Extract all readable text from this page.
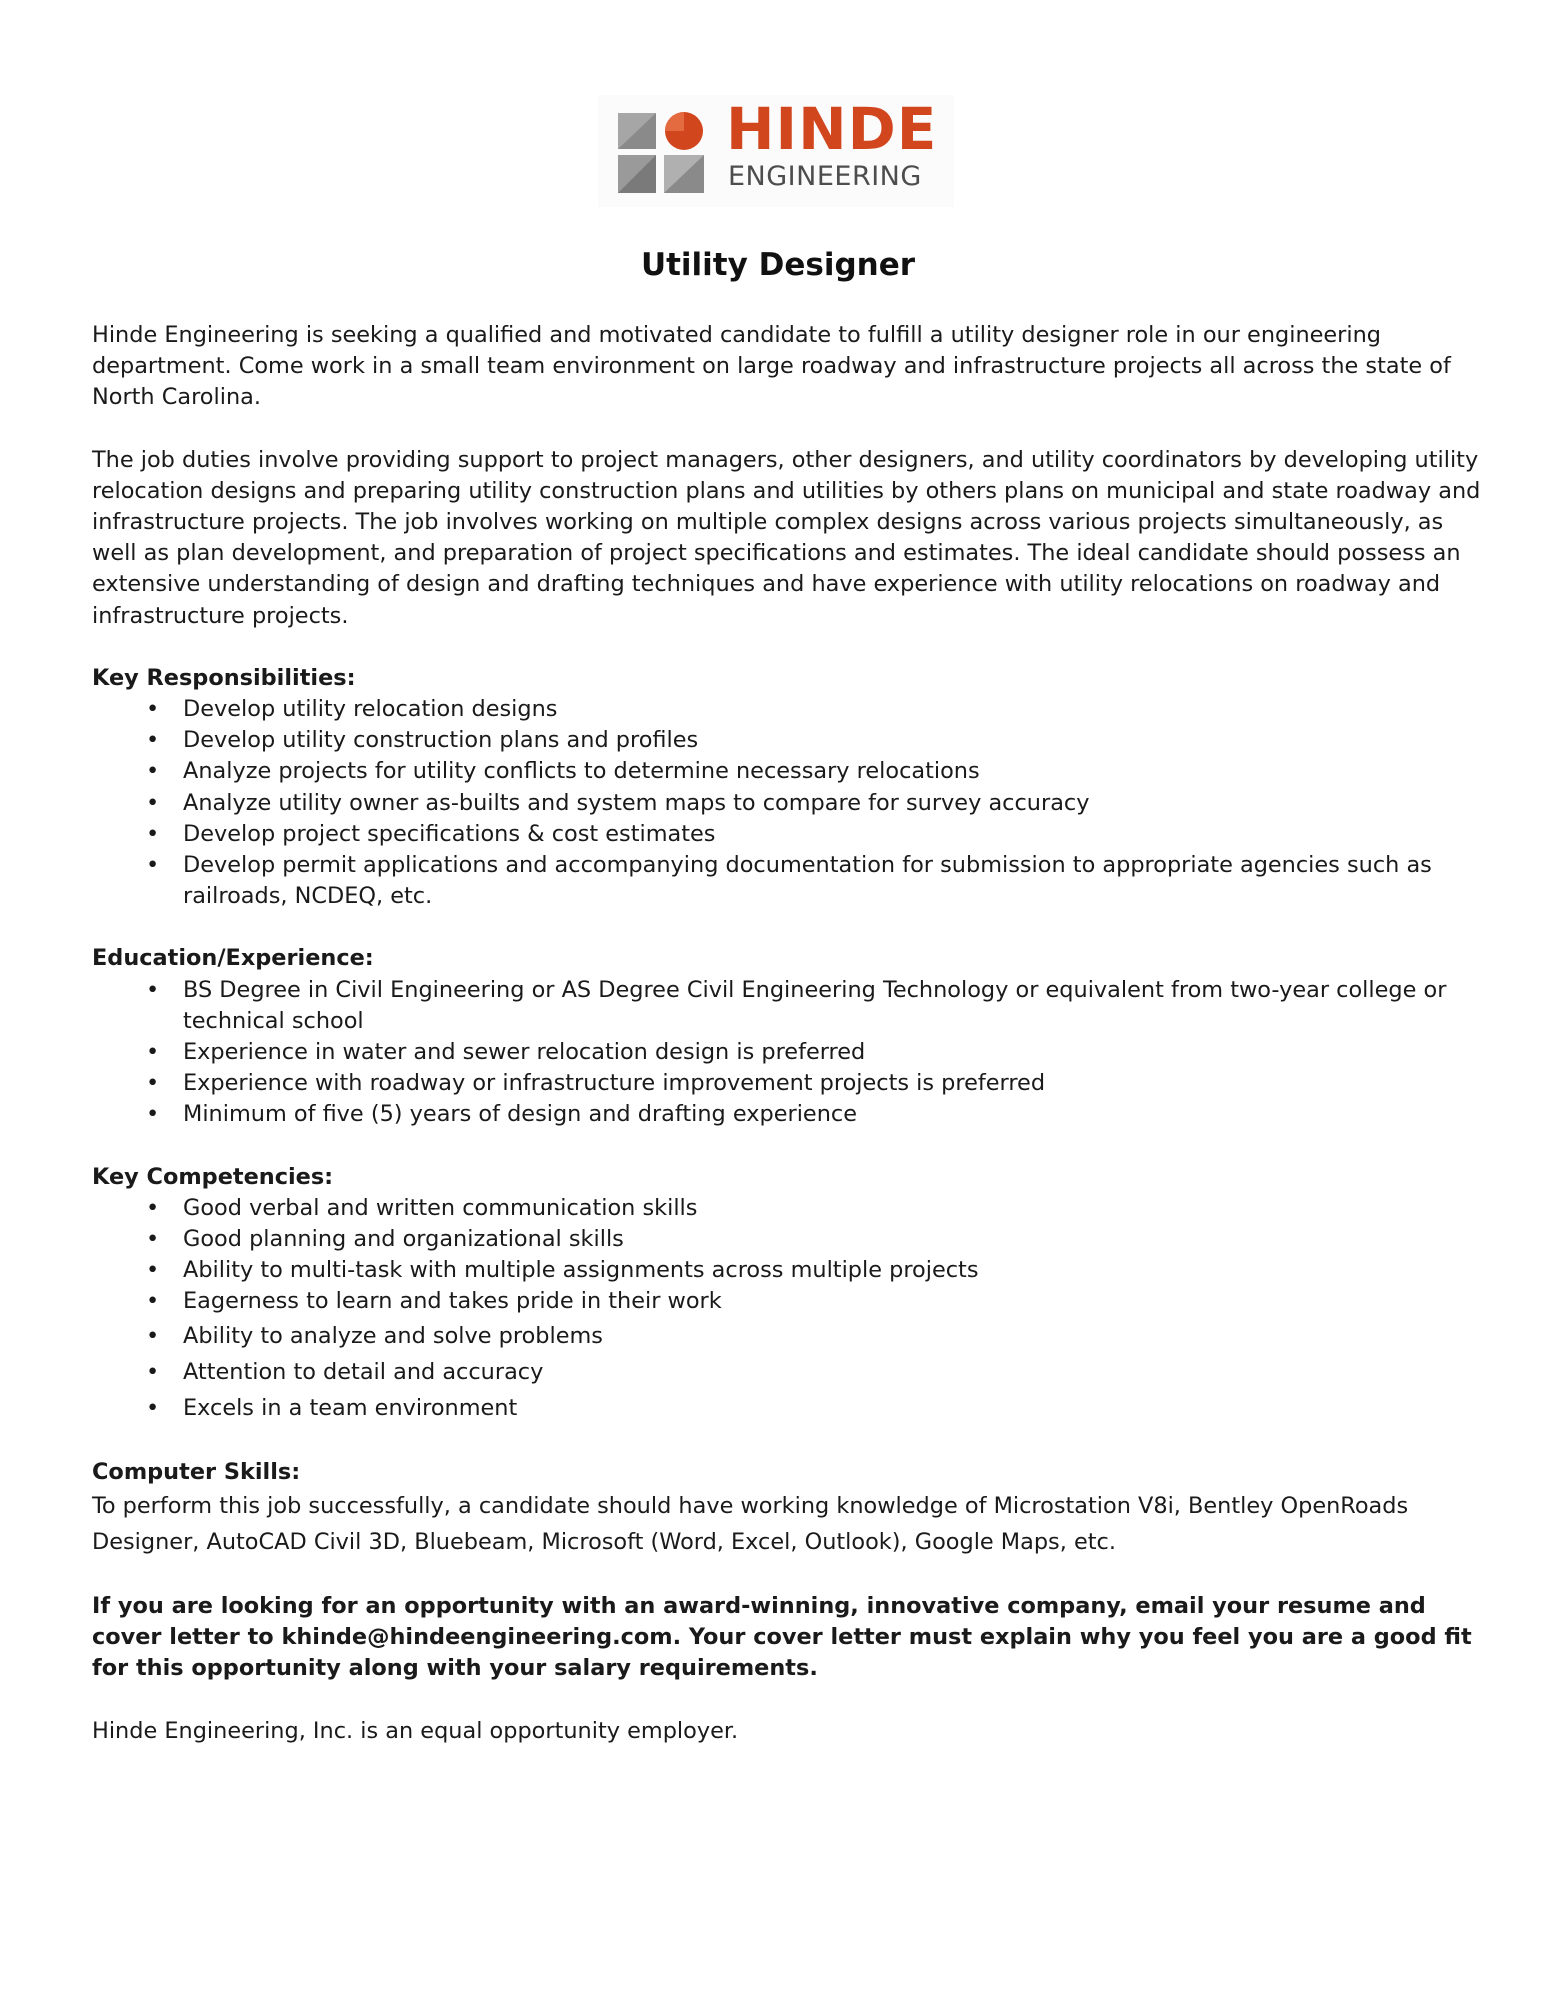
HINDE
ENGINEERING
Utility Designer

Hinde Engineering is seeking a qualified and motivated candidate to fulfill a utility designer role in our engineering department. Come work in a small team environment on large roadway and infrastructure projects all across the state of North Carolina.

The job duties involve providing support to project managers, other designers, and utility coordinators by developing utility relocation designs and preparing utility construction plans and utilities by others plans on municipal and state roadway and infrastructure projects. The job involves working on multiple complex designs across various projects simultaneously, as well as plan development, and preparation of project specifications and estimates. The ideal candidate should possess an extensive understanding of design and drafting techniques and have experience with utility relocations on roadway and infrastructure projects.

Key Responsibilities:

• Develop utility relocation designs
• Develop utility construction plans and profiles
• Analyze projects for utility conflicts to determine necessary relocations
• Analyze utility owner as-builts and system maps to compare for survey accuracy
• Develop project specifications & cost estimates
• Develop permit applications and accompanying documentation for submission to appropriate agencies such as railroads, NCDEQ, etc.

Education/Experience:

• BS Degree in Civil Engineering or AS Degree Civil Engineering Technology or equivalent from two-year college or technical school
• Experience in water and sewer relocation design is preferred
• Experience with roadway or infrastructure improvement projects is preferred
• Minimum of five (5) years of design and drafting experience

Key Competencies:

• Good verbal and written communication skills
• Good planning and organizational skills
• Ability to multi-task with multiple assignments across multiple projects
• Eagerness to learn and takes pride in their work
• Ability to analyze and solve problems
• Attention to detail and accuracy
• Excels in a team environment

Computer Skills:

To perform this job successfully, a candidate should have working knowledge of Microstation V8i, Bentley OpenRoads Designer, AutoCAD Civil 3D, Bluebeam, Microsoft (Word, Excel, Outlook), Google Maps, etc.

If you are looking for an opportunity with an award-winning, innovative company, email your resume and cover letter to khinde@hindeengineering.com. Your cover letter must explain why you feel you are a good fit for this opportunity along with your salary requirements.

Hinde Engineering, Inc. is an equal opportunity employer.
